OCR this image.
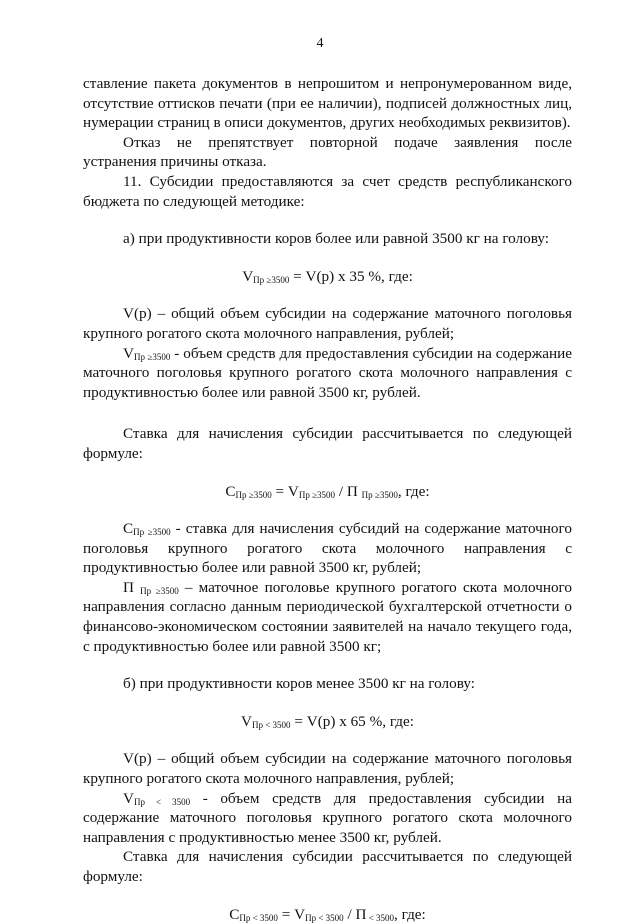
4

ставление пакета документов в непрошитом и непронумерованном виде, отсутствие оттисков печати (при ее наличии), подписей должностных лиц, нумерации страниц в описи документов, других необходимых реквизитов).

Отказ не препятствует повторной подаче заявления после устранения причины отказа.

11. Субсидии предоставляются за счет средств республиканского бюджета по следующей методике:

а) при продуктивности коров более или равной 3500 кг на голову:

$V_{Пр \ge 3500} = V(р)$ х 35 %, где:

V(р) – общий объем субсидии на содержание маточного поголовья крупного рогатого скота молочного направления, рублей;

$V_{Пр \ge 3500}$ - объем средств для предоставления субсидии на содержание маточного поголовья крупного рогатого скота молочного направления с продуктивностью более или равной 3500 кг, рублей.

Ставка для начисления субсидии рассчитывается по следующей формуле:

$С_{Пр \ge 3500} = V_{Пр \ge 3500} / П$ $_{Пр \ge 3500}$, где:

$С_{Пр \ge 3500}$ - ставка для начисления субсидий на содержание маточного поголовья крупного рогатого скота молочного направления с продуктивностью более или равной 3500 кг, рублей;

П $_{Пр \ge 3500}$ – маточное поголовье крупного рогатого скота молочного направления согласно данным периодической бухгалтерской отчетности о финансово-экономическом состоянии заявителей на начало текущего года, с продуктивностью более или равной 3500 кг;

б) при продуктивности коров менее 3500 кг на голову:

$V_{Пр < 3500} = V(р)$ х 65 %, где:

V(р) – общий объем субсидии на содержание маточного поголовья крупного рогатого скота молочного направления, рублей;

$V_{Пр < 3500}$ - объем средств для предоставления субсидии на содержание маточного поголовья крупного рогатого скота молочного направления с продуктивностью менее 3500 кг, рублей.

Ставка для начисления субсидии рассчитывается по следующей формуле:

$С_{Пр < 3500} = V_{Пр < 3500} / П$ $_{< 3500}$, где:
